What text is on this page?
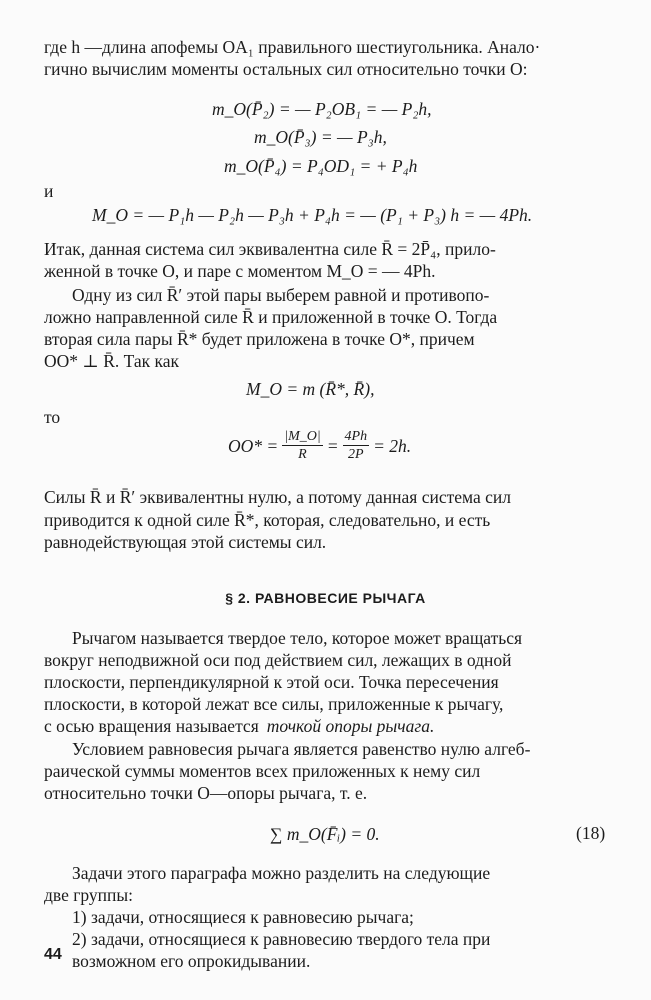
где h —длина апофемы OA₁ правильного шестиугольника. Анало·
гично вычислим моменты остальных сил относительно точки O:
m_O(P̄₂) = — P₂OB₁ = — P₂h,
m_O(P̄₃) = — P₃h,
m_O(P̄₄) = P₄OD₁ = + P₄h
и
M_O = — P₁h — P₂h — P₃h + P₄h = — (P₁ + P₃) h = — 4Ph.
Итак, данная система сил эквивалентна силе R̄ = 2P̄₄, прило-
женной в точке O, и паре с моментом M_O = — 4Ph.
Одну из сил R̄′ этой пары выберем равной и противопо-
ложно направленной силе R̄ и приложенной в точке O. Тогда
вторая сила пары R̄* будет приложена в точке O*, причем
OO* ⊥ R̄. Так как
M_O = m (R̄*, R̄),
то
$OO* = \frac{|M\_O|}{R} = \frac{4Ph}{2P} = 2h$.
Силы R̄ и R̄′ эквивалентны нулю, а потому данная система сил
приводится к одной силе R̄*, которая, следовательно, и есть
равнодействующая этой системы сил.
§ 2. РАВНОВЕСИЕ РЫЧАГА
Рычагом называется твердое тело, которое может вращаться
вокруг неподвижной оси под действием сил, лежащих в одной
плоскости, перпендикулярной к этой оси. Точка пересечения
плоскости, в которой лежат все силы, приложенные к рычагу,
с осью вращения называется точкой опоры рычага.
Условием равновесия рычага является равенство нулю алгеб-
раической суммы моментов всех приложенных к нему сил
относительно точки O—опоры рычага, т. е.
∑ m_O(F̄ᵢ) = 0.	(18)
Задачи этого параграфа можно разделить на следующие
две группы:
1) задачи, относящиеся к равновесию рычага;
2) задачи, относящиеся к равновесию твердого тела при
возможном его опрокидывании.
44
